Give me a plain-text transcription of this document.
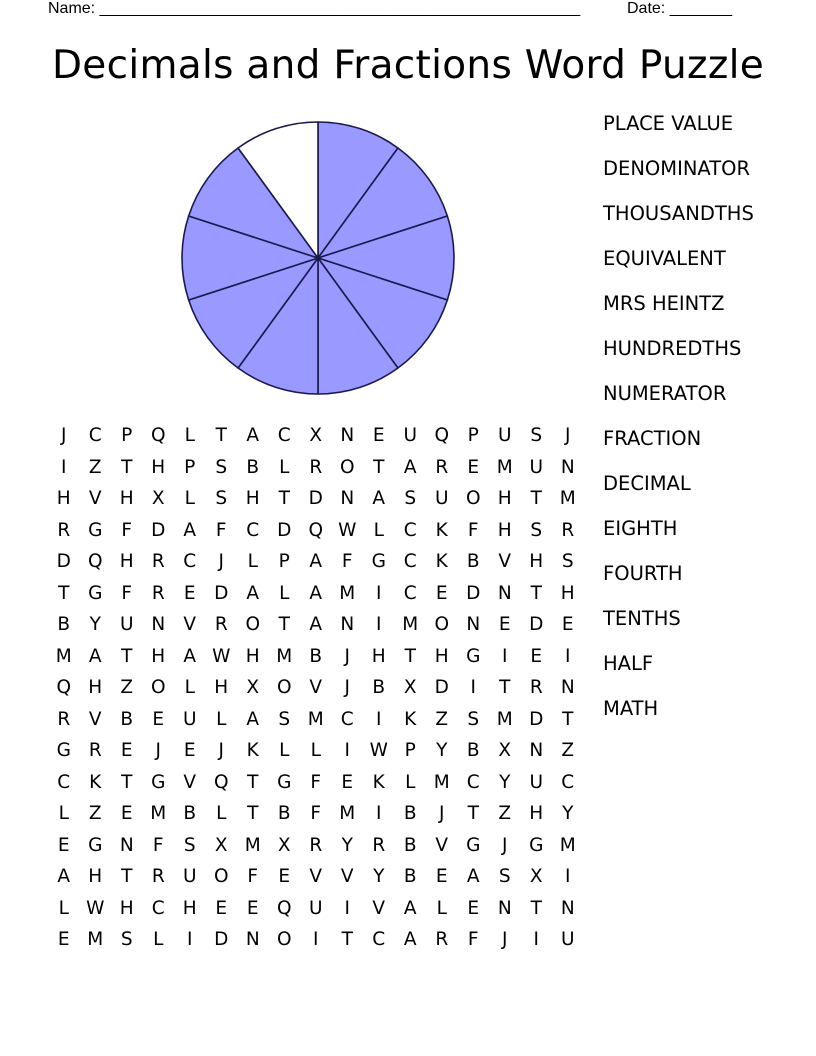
Name: ______________________________________________________	Date: _______
Decimals and Fractions Word Puzzle
J	C	P	Q	L	T	A	C	X N	E	U Q	P	U	S	J
I	Z	T	H	P	S	B	L	R O	T	A	R	E M U N
H V H X	L	S	H	T	D N A	S	U O H	T M
R G	F	D A	F	C D Q W L	C	K	F	H	S	R
D Q H R	C	J	L	P	A	F	G C	K	B	V H	S
T	G	F	R	E	D A	L	A M	I	C	E	D N	T	H
B	Y	U N V	R O	T	A N	I	M O N	E	D	E
M A	T	H A W H M B	J	H	T	H G	I	E	I
Q H Z O	L	H X O V	J	B	X D	I	T	R N
R	V	B	E	U	L	A	S M C	I	K	Z	S M D	T
G R	E	J	E	J	K	L	L	I	W P	Y	B	X N Z
C	K	T	G V Q	T	G	F	E	K	L M C	Y	U C
L	Z	E M B	L	T	B	F M	I	B	J	T	Z H	Y
E G N	F	S	X M X	R	Y	R	B	V G	J	G M
A H	T	R U O	F	E	V	V	Y	B	E	A	S	X	I
L W H C H	E	E Q U	I	V	A	L	E	N	T	N
E M S	L	I	D N O	I	T	C	A	R	F	J	I	U
PLACE VALUE
DENOMINATOR
THOUSANDTHS
EQUIVALENT
MRS HEINTZ
HUNDREDTHS
NUMERATOR
FRACTION
DECIMAL
EIGHTH
FOURTH
TENTHS
HALF
MATH
